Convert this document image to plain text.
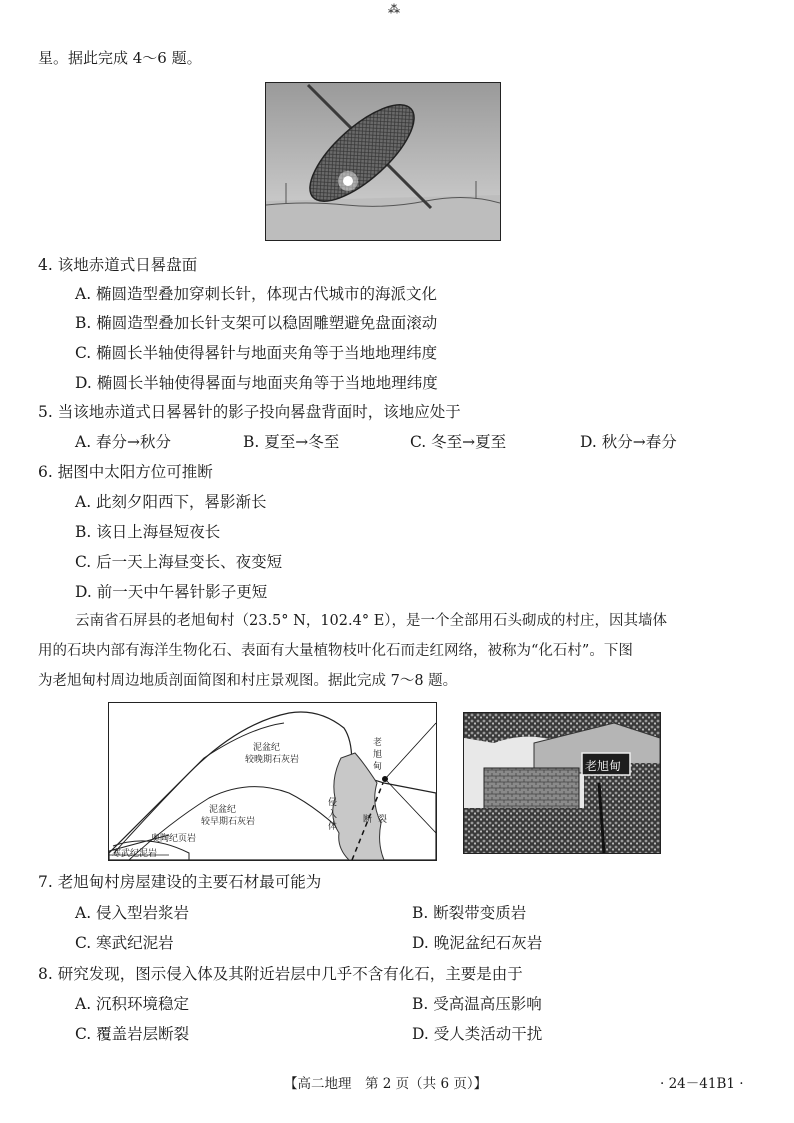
⁂
星。据此完成 4～6 题。
4. 该地赤道式日晷盘面
A. 椭圆造型叠加穿刺长针，体现古代城市的海派文化
B. 椭圆造型叠加长针支架可以稳固雕塑避免盘面滚动
C. 椭圆长半轴使得晷针与地面夹角等于当地地理纬度
D. 椭圆长半轴使得晷面与地面夹角等于当地地理纬度
5. 当该地赤道式日晷晷针的影子投向晷盘背面时，该地应处于
A. 春分→秋分	B. 夏至→冬至	C. 冬至→夏至	D. 秋分→春分
6. 据图中太阳方位可推断
A. 此刻夕阳西下，晷影渐长
B. 该日上海昼短夜长
C. 后一天上海昼变长、夜变短
D. 前一天中午晷针影子更短
云南省石屏县的老旭甸村（23.5° N，102.4° E），是一个全部用石头砌成的村庄，因其墙体
用的石块内部有海洋生物化石、表面有大量植物枝叶化石而走红网络，被称为“化石村”。下图
为老旭甸村周边地质剖面简图和村庄景观图。据此完成 7～8 题。
泥盆纪
较晚期石灰岩
泥盆纪
较早期石灰岩
奥陶纪页岩
寒武纪泥岩
侵入体
断裂
老旭甸	老旭甸
7. 老旭甸村房屋建设的主要石材最可能为
A. 侵入型岩浆岩	B. 断裂带变质岩
C. 寒武纪泥岩	D. 晚泥盆纪石灰岩
8. 研究发现，图示侵入体及其附近岩层中几乎不含有化石，主要是由于
A. 沉积环境稳定	B. 受高温高压影响
C. 覆盖岩层断裂	D. 受人类活动干扰
【高二地理　第 2 页（共 6 页）】	· 24－41B1 ·
